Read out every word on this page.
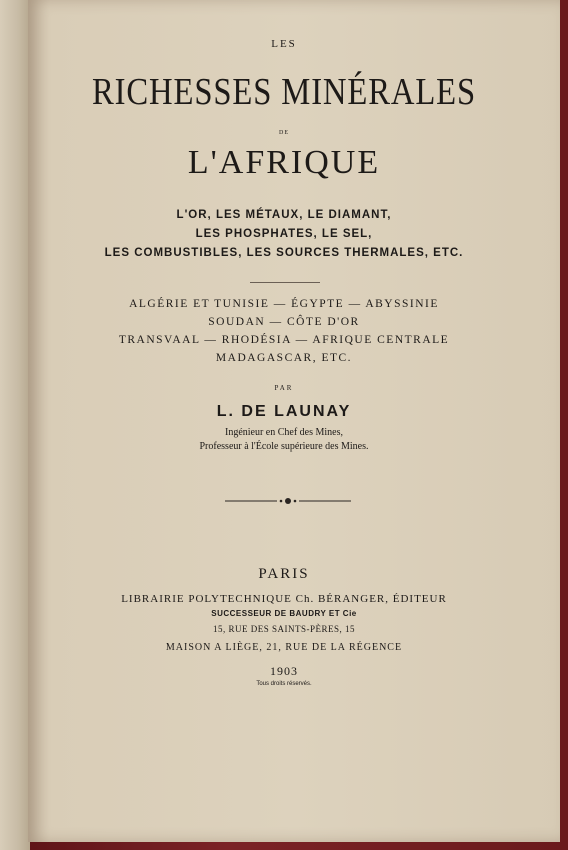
LES
RICHESSES MINÉRALES
DE
L'AFRIQUE
L'OR, LES MÉTAUX, LE DIAMANT,
LES PHOSPHATES, LE SEL,
LES COMBUSTIBLES, LES SOURCES THERMALES, ETC.
ALGÉRIE ET TUNISIE — ÉGYPTE — ABYSSINIE
SOUDAN — CÔTE D'OR
TRANSVAAL — RHODÉSIA — AFRIQUE CENTRALE
MADAGASCAR, ETC.
PAR
L. DE LAUNAY
Ingénieur en Chef des Mines,
Professeur à l'École supérieure des Mines.
PARIS
LIBRAIRIE POLYTECHNIQUE Ch. BÉRANGER, ÉDITEUR
SUCCESSEUR DE BAUDRY ET Cie
15, RUE DES SAINTS-PÈRES, 15
MAISON A LIÈGE, 21, RUE DE LA RÉGENCE
1903
Tous droits réservés.
